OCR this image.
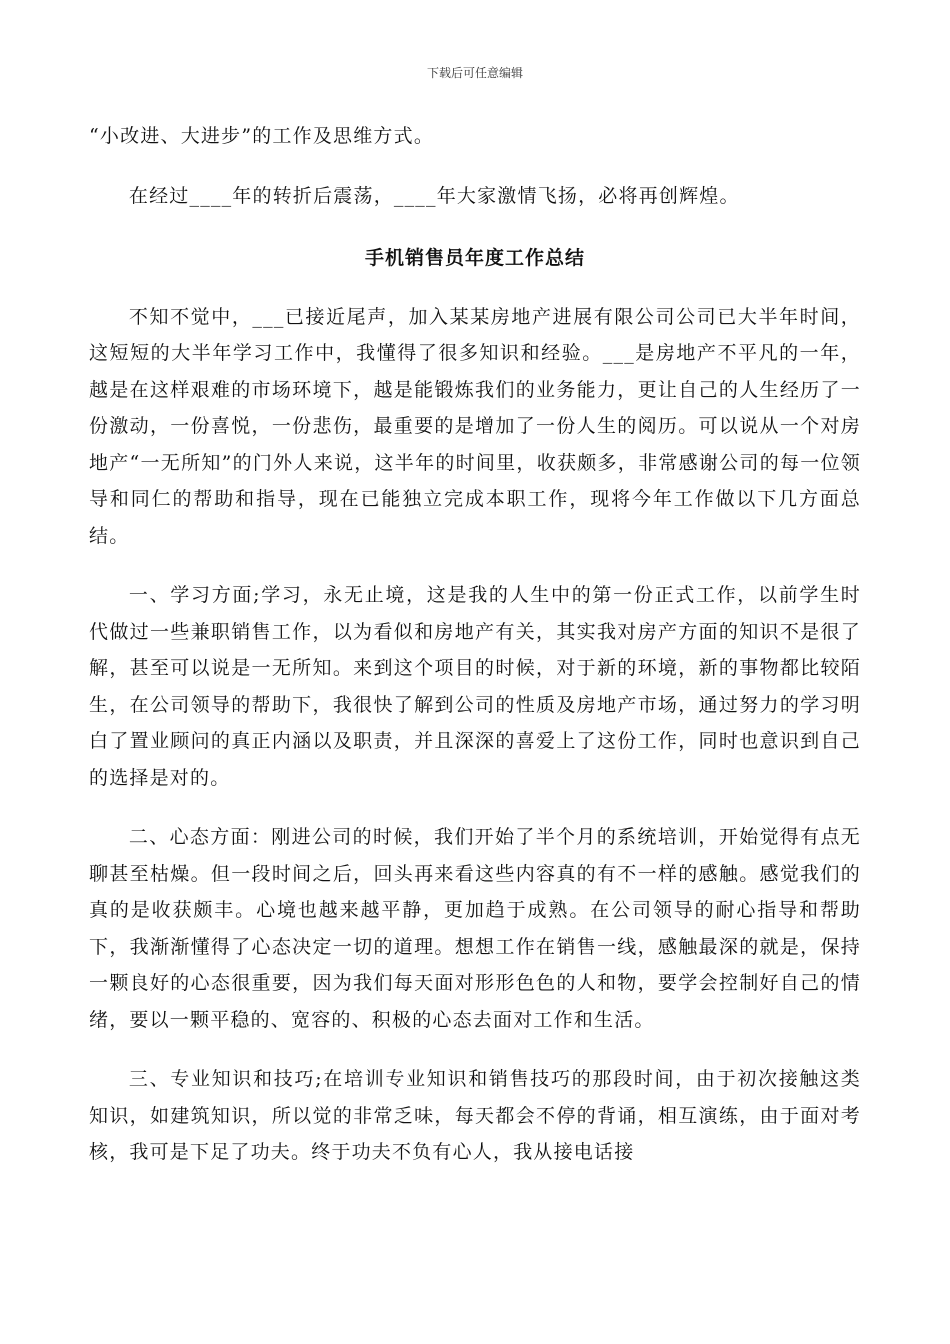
下载后可任意编辑

“小改进、大进步”的工作及思维方式。

在经过____年的转折后震荡，____年大家激情飞扬，必将再创辉煌。

手机销售员年度工作总结

不知不觉中，___已接近尾声，加入某某房地产进展有限公司公司已大半年时间，这短短的大半年学习工作中，我懂得了很多知识和经验。___是房地产不平凡的一年，越是在这样艰难的市场环境下，越是能锻炼我们的业务能力，更让自己的人生经历了一份激动，一份喜悦，一份悲伤，最重要的是增加了一份人生的阅历。可以说从一个对房地产“一无所知”的门外人来说，这半年的时间里，收获颇多，非常感谢公司的每一位领导和同仁的帮助和指导，现在已能独立完成本职工作，现将今年工作做以下几方面总结。

一、学习方面;学习，永无止境，这是我的人生中的第一份正式工作，以前学生时代做过一些兼职销售工作，以为看似和房地产有关，其实我对房产方面的知识不是很了解，甚至可以说是一无所知。来到这个项目的时候，对于新的环境，新的事物都比较陌生，在公司领导的帮助下，我很快了解到公司的性质及房地产市场，通过努力的学习明白了置业顾问的真正内涵以及职责，并且深深的喜爱上了这份工作，同时也意识到自己的选择是对的。

二、心态方面：刚进公司的时候，我们开始了半个月的系统培训，开始觉得有点无聊甚至枯燥。但一段时间之后，回头再来看这些内容真的有不一样的感触。感觉我们的真的是收获颇丰。心境也越来越平静，更加趋于成熟。在公司领导的耐心指导和帮助下，我渐渐懂得了心态决定一切的道理。想想工作在销售一线，感触最深的就是，保持一颗良好的心态很重要，因为我们每天面对形形色色的人和物，要学会控制好自己的情绪，要以一颗平稳的、宽容的、积极的心态去面对工作和生活。

三、专业知识和技巧;在培训专业知识和销售技巧的那段时间，由于初次接触这类知识，如建筑知识，所以觉的非常乏味，每天都会不停的背诵，相互演练，由于面对考核，我可是下足了功夫。终于功夫不负有心人，我从接电话接
